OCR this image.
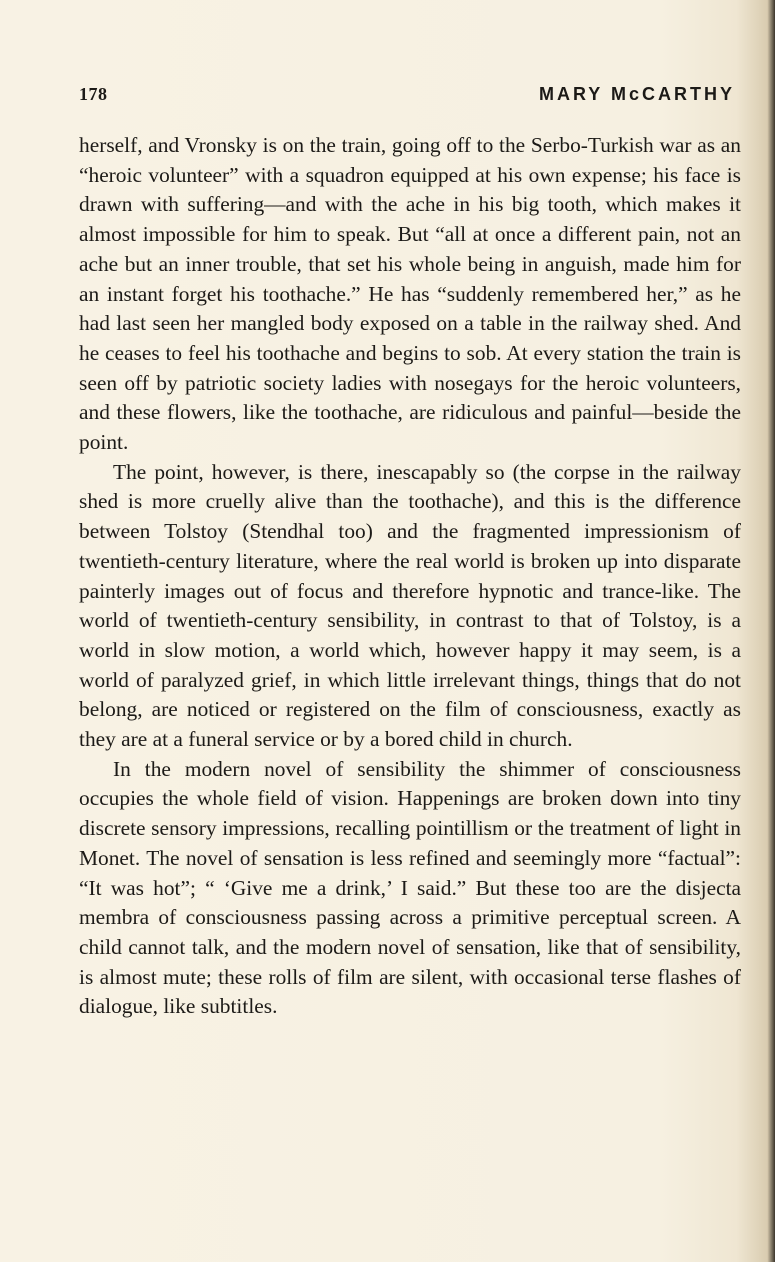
178	MARY McCARTHY

herself, and Vronsky is on the train, going off to the Serbo-Turkish war as an “heroic volunteer” with a squadron equipped at his own expense; his face is drawn with suffering—and with the ache in his big tooth, which makes it almost impossible for him to speak. But “all at once a different pain, not an ache but an inner trouble, that set his whole being in anguish, made him for an instant forget his toothache.” He has “suddenly remembered her,” as he had last seen her mangled body exposed on a table in the railway shed. And he ceases to feel his toothache and begins to sob. At every station the train is seen off by patriotic society ladies with nosegays for the heroic volunteers, and these flowers, like the toothache, are ridiculous and painful—beside the point.

The point, however, is there, inescapably so (the corpse in the railway shed is more cruelly alive than the toothache), and this is the difference between Tolstoy (Stendhal too) and the fragmented impressionism of twentieth-century literature, where the real world is broken up into disparate painterly images out of focus and therefore hypnotic and trance-like. The world of twentieth-century sensibility, in contrast to that of Tolstoy, is a world in slow motion, a world which, however happy it may seem, is a world of paralyzed grief, in which little irrelevant things, things that do not belong, are noticed or registered on the film of consciousness, exactly as they are at a funeral service or by a bored child in church.

In the modern novel of sensibility the shimmer of consciousness occupies the whole field of vision. Happenings are broken down into tiny discrete sensory impressions, recalling pointillism or the treatment of light in Monet. The novel of sensation is less refined and seemingly more “factual”: “It was hot”; “ ‘Give me a drink,’ I said.” But these too are the disjecta membra of consciousness passing across a primitive perceptual screen. A child cannot talk, and the modern novel of sensation, like that of sensibility, is almost mute; these rolls of film are silent, with occasional terse flashes of dialogue, like subtitles.
